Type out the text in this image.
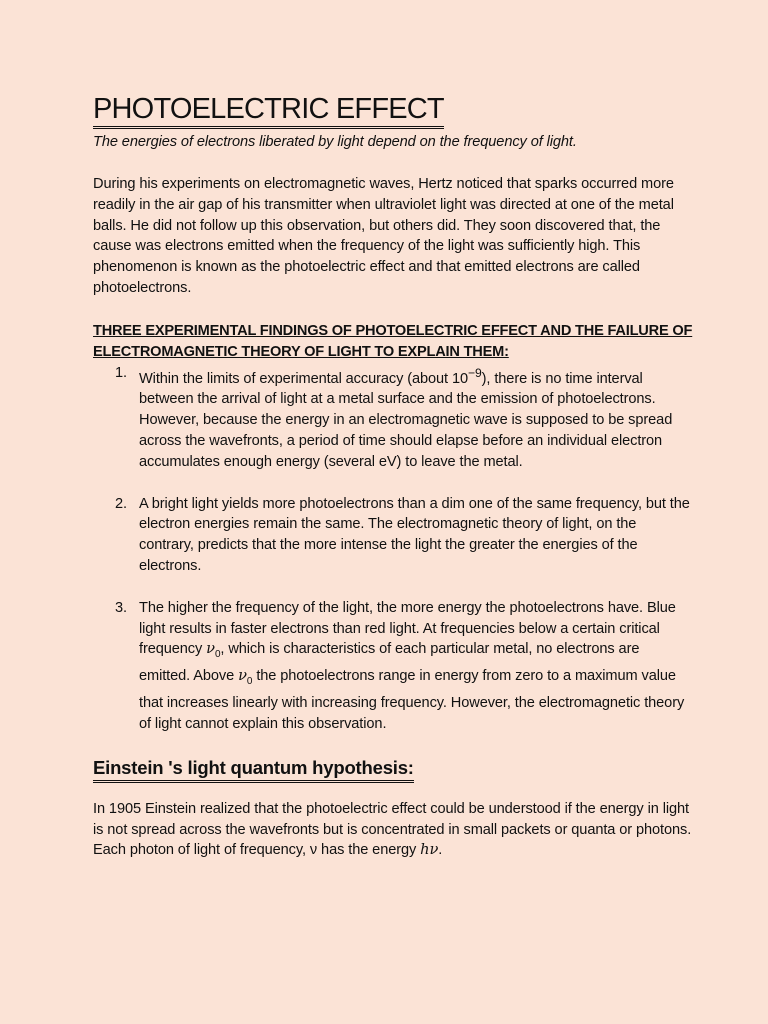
PHOTOELECTRIC EFFECT

The energies of electrons liberated by light depend on the frequency of light.

During his experiments on electromagnetic waves, Hertz noticed that sparks occurred more readily in the air gap of his transmitter when ultraviolet light was directed at one of the metal balls. He did not follow up this observation, but others did. They soon discovered that, the cause was electrons emitted when the frequency of the light was sufficiently high. This phenomenon is known as the photoelectric effect and that emitted electrons are called photoelectrons.

THREE EXPERIMENTAL FINDINGS OF PHOTOELECTRIC EFFECT AND THE FAILURE OF ELECTROMAGNETIC THEORY OF LIGHT TO EXPLAIN THEM:

1. Within the limits of experimental accuracy (about $10^{-9}$), there is no time interval between the arrival of light at a metal surface and the emission of photoelectrons. However, because the energy in an electromagnetic wave is supposed to be spread across the wavefronts, a period of time should elapse before an individual electron accumulates enough energy (several eV) to leave the metal.
2. A bright light yields more photoelectrons than a dim one of the same frequency, but the electron energies remain the same. The electromagnetic theory of light, on the contrary, predicts that the more intense the light the greater the energies of the electrons.
3. The higher the frequency of the light, the more energy the photoelectrons have. Blue light results in faster electrons than red light. At frequencies below a certain critical frequency $\nu_0$, which is characteristics of each particular metal, no electrons are emitted. Above $\nu_0$ the photoelectrons range in energy from zero to a maximum value that increases linearly with increasing frequency. However, the electromagnetic theory of light cannot explain this observation.
Einstein 's light quantum hypothesis:

In 1905 Einstein realized that the photoelectric effect could be understood if the energy in light is not spread across the wavefronts but is concentrated in small packets or quanta or photons. Each photon of light of frequency, ν has the energy hν.
